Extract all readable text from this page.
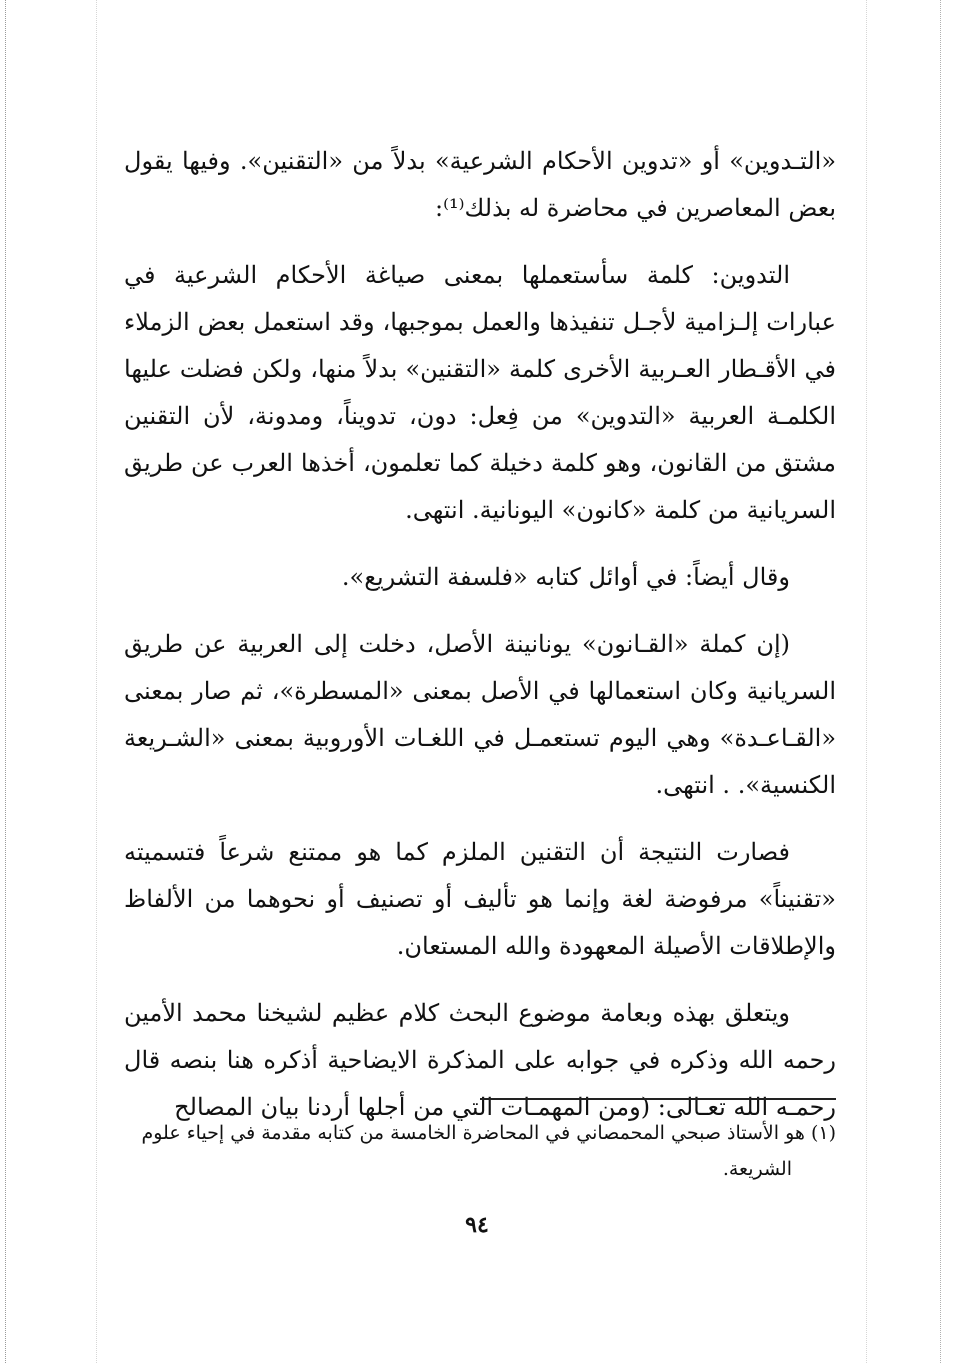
«التـدوين» أو «تدوين الأحكام الشرعية» بدلاً من «التقنين». وفيها يقول بعض المعاصرين في محاضرة له بذلك⁽¹⁾:

التدوين: كلمة سأستعملها بمعنى صياغة الأحكام الشرعية في عبارات إلـزامية لأجـل تنفيذها والعمل بموجبها، وقد استعمل بعض الزملاء في الأقـطار العـربية الأخرى كلمة «التقنين» بدلاً منها، ولكن فضلت عليها الكلمـة العربية «التدوين» من فِعل: دون، تدويناً، ومدونة، لأن التقنين مشتق من القانون، وهو كلمة دخيلة كما تعلمون، أخذها العرب عن طريق السريانية من كلمة «كانون» اليونانية. انتهى.

وقال أيضاً: في أوائل كتابه «فلسفة التشريع».

(إن كملة «القـانون» يونانينة الأصل، دخلت إلى العربية عن طريق السريانية وكان استعمالها في الأصل بمعنى «المسطرة»، ثم صار بمعنى «القـاعـدة» وهي اليوم تستعمـل في اللغـات الأوروبية بمعنى «الشـريعة الكنسية». . انتهى.

فصارت النتيجة أن التقنين الملزم كما هو ممتنع شرعاً فتسميته «تقنيناً» مرفوضة لغة وإنما هو تأليف أو تصنيف أو نحوهما من الألفاظ والإطلاقات الأصيلة المعهودة والله المستعان.

ويتعلق بهذه وبعامة موضوع البحث كلام عظيم لشيخنا محمد الأمين رحمه الله وذكره في جوابه على المذكرة الايضاحية أذكره هنا بنصه قال رحمـه الله تعـالى: (ومن المهمـات التي من أجلها أردنا بيان المصالح

(١) هو الأستاذ صبحي المحمصاني في المحاضرة الخامسة من كتابه مقدمة في إحياء علوم الشريعة.

٩٤
